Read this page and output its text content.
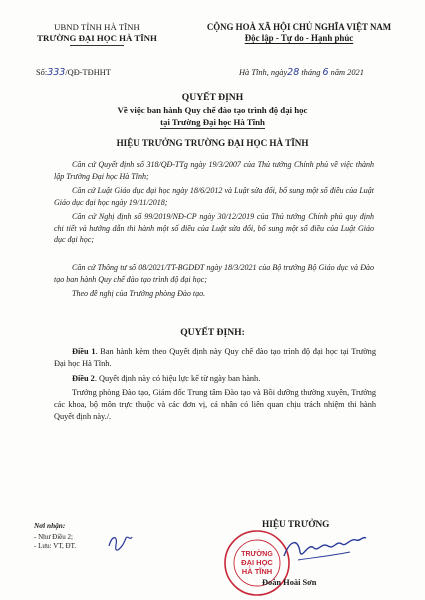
UBND TỈNH HÀ TĨNH
TRƯỜNG ĐẠI HỌC HÀ TĨNH
CỘNG HOÀ XÃ HỘI CHỦ NGHĨA VIỆT NAM
Độc lập - Tự do - Hạnh phúc
Số:333/QĐ-TĐHHT	Hà Tĩnh, ngày28 tháng 6 năm 2021
QUYẾT ĐỊNH
Về việc ban hành Quy chế đào tạo trình độ đại học
tại Trường Đại học Hà Tĩnh
HIỆU TRƯỞNG TRƯỜNG ĐẠI HỌC HÀ TĨNH
Căn cứ Quyết định số 318/QĐ-TTg ngày 19/3/2007 của Thủ tướng Chính phủ về việc thành lập Trường Đại học Hà Tĩnh;
Căn cứ Luật Giáo dục đại học ngày 18/6/2012 và Luật sửa đổi, bổ sung một số điều của Luật Giáo dục đại học ngày 19/11/2018;
Căn cứ Nghị định số 99/2019/NĐ-CP ngày 30/12/2019 của Thủ tướng Chính phủ quy định chi tiết và hướng dẫn thi hành một số điều của Luật sửa đổi, bổ sung một số điều của Luật Giáo dục đại học;
Căn cứ Thông tư số 08/2021/TT-BGDĐT ngày 18/3/2021 của Bộ trưởng Bộ Giáo dục và Đào tạo ban hành Quy chế đào tạo trình độ đại học;
Theo đề nghị của Trưởng phòng Đào tạo.
QUYẾT ĐỊNH:
Điều 1. Ban hành kèm theo Quyết định này Quy chế đào tạo trình độ đại học tại Trường Đại học Hà Tĩnh.
Điều 2. Quyết định này có hiệu lực kể từ ngày ban hành.
Trưởng phòng Đào tạo, Giám đốc Trung tâm Đào tạo và Bồi dưỡng thường xuyên, Trưởng các khoa, bộ môn trực thuộc và các đơn vị, cá nhân có liên quan chịu trách nhiệm thi hành Quyết định này./.
Nơi nhận:
- Như Điều 2;
- Lưu: VT, ĐT.
HIỆU TRƯỞNG
TRƯỜNG
ĐẠI HỌC
HÀ TĨNH
Đoàn Hoài Sơn
